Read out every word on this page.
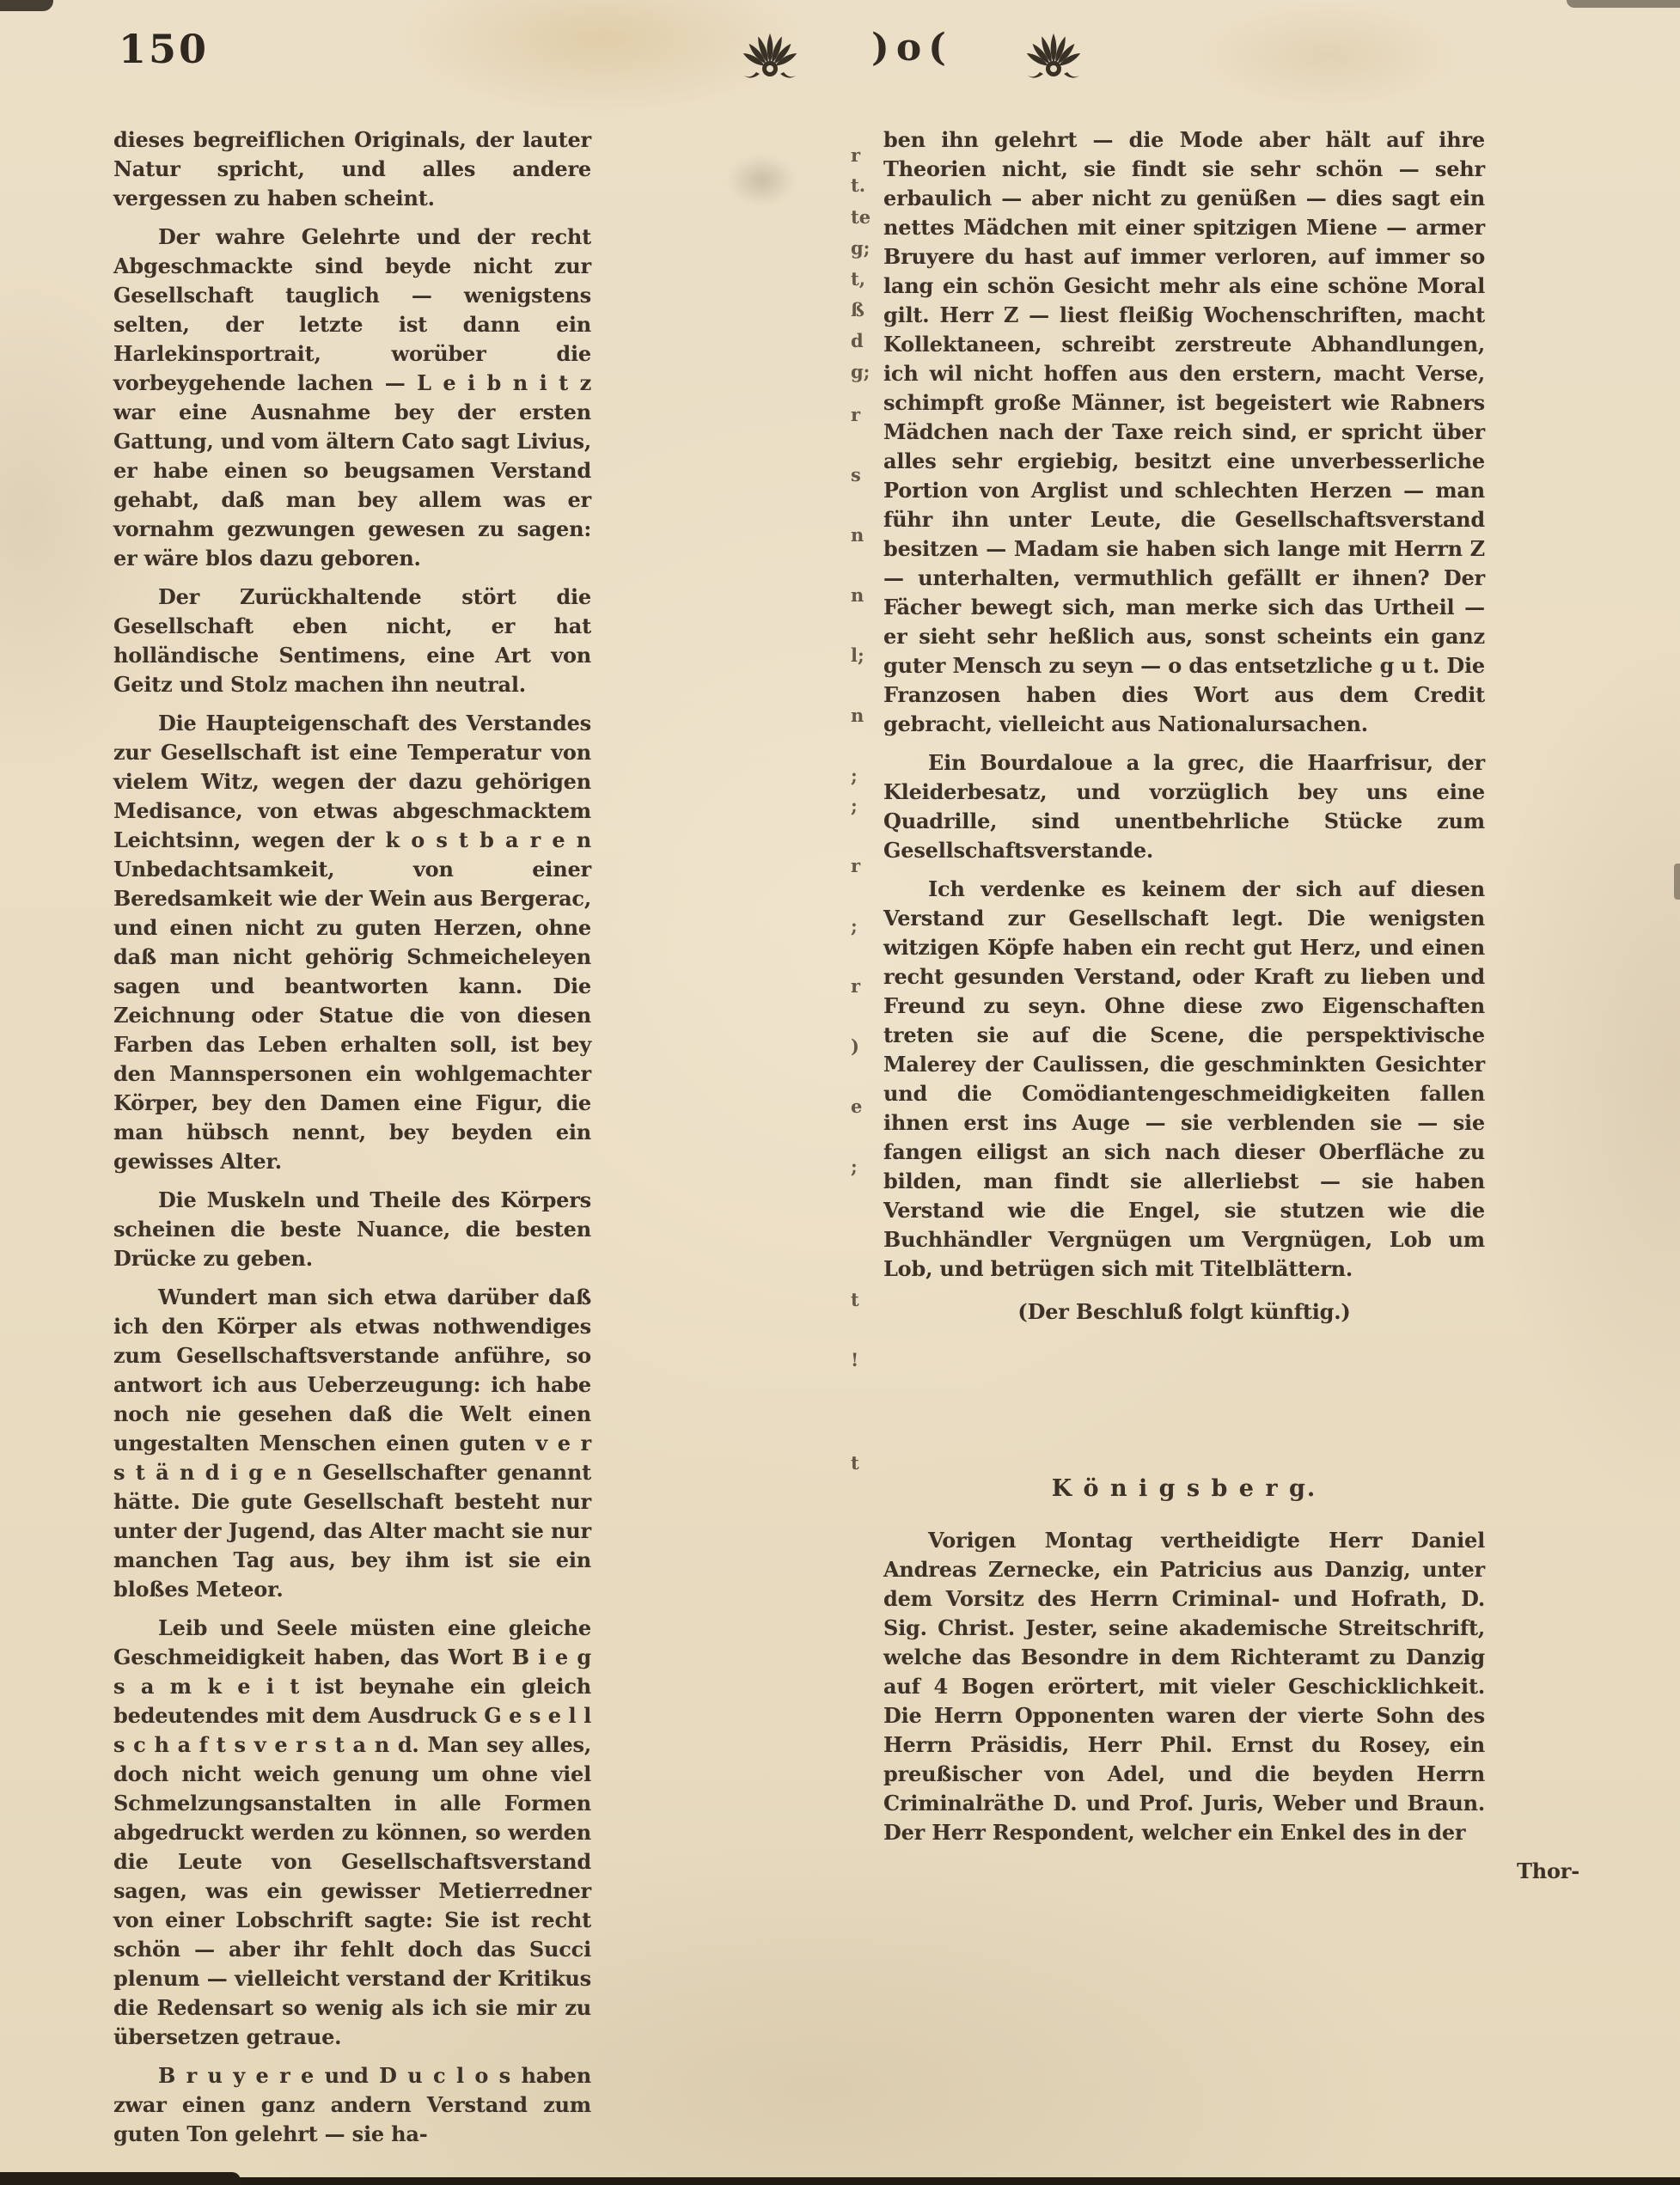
150	)o(

dieses begreiflichen Originals, der lauter Natur spricht, und alles andere vergessen zu haben scheint.

Der wahre Gelehrte und der recht Abgeschmackte sind beyde nicht zur Gesellschaft tauglich — wenigstens selten, der letzte ist dann ein Harlekinsportrait, worüber die vorbeygehende lachen — L e i b n i t z war eine Ausnahme bey der ersten Gattung, und vom ältern Cato sagt Livius, er habe einen so beugsamen Verstand gehabt, daß man bey allem was er vornahm gezwungen gewesen zu sagen: er wäre blos dazu geboren.

Der Zurückhaltende stört die Gesellschaft eben nicht, er hat holländische Sentimens, eine Art von Geitz und Stolz machen ihn neutral.

Die Haupteigenschaft des Verstandes zur Gesellschaft ist eine Temperatur von vielem Witz, wegen der dazu gehörigen Medisance, von etwas abgeschmacktem Leichtsinn, wegen der k o s t b a r e n Unbedachtsamkeit, von einer Beredsamkeit wie der Wein aus Bergerac, und einen nicht zu guten Herzen, ohne daß man nicht gehörig Schmeicheleyen sagen und beantworten kann. Die Zeichnung oder Statue die von diesen Farben das Leben erhalten soll, ist bey den Mannspersonen ein wohlgemachter Körper, bey den Damen eine Figur, die man hübsch nennt, bey beyden ein gewisses Alter.

Die Muskeln und Theile des Körpers scheinen die beste Nuance, die besten Drücke zu geben.

Wundert man sich etwa darüber daß ich den Körper als etwas nothwendiges zum Gesellschaftsverstande anführe, so antwort ich aus Ueberzeugung: ich habe noch nie gesehen daß die Welt einen ungestalten Menschen einen guten v e r s t ä n d i g e n Gesellschafter genannt hätte. Die gute Gesellschaft besteht nur unter der Jugend, das Alter macht sie nur manchen Tag aus, bey ihm ist sie ein bloßes Meteor.

Leib und Seele müsten eine gleiche Geschmeidigkeit haben, das Wort B i e g s a m k e i t ist beynahe ein gleich bedeutendes mit dem Ausdruck G e s e l l s c h a f t s v e r s t a n d. Man sey alles, doch nicht weich genung um ohne viel Schmelzungsanstalten in alle Formen abgedruckt werden zu können, so werden die Leute von Gesellschaftsverstand sagen, was ein gewisser Metierredner von einer Lobschrift sagte: Sie ist recht schön — aber ihr fehlt doch das Succi plenum — vielleicht verstand der Kritikus die Redensart so wenig als ich sie mir zu übersetzen getraue.

B r u y e r e und D u c l o s haben zwar einen ganz andern Verstand zum guten Ton gelehrt — sie ha-

ben ihn gelehrt — die Mode aber hält auf ihre Theorien nicht, sie findt sie sehr schön — sehr erbaulich — aber nicht zu genüßen — dies sagt ein nettes Mädchen mit einer spitzigen Miene — armer Bruyere du hast auf immer verloren, auf immer so lang ein schön Gesicht mehr als eine schöne Moral gilt. Herr Z — liest fleißig Wochenschriften, macht Kollektaneen, schreibt zerstreute Abhandlungen, ich wil nicht hoffen aus den erstern, macht Verse, schimpft große Männer, ist begeistert wie Rabners Mädchen nach der Taxe reich sind, er spricht über alles sehr ergiebig, besitzt eine unverbesserliche Portion von Arglist und schlechten Herzen — man führ ihn unter Leute, die Gesellschaftsverstand besitzen — Madam sie haben sich lange mit Herrn Z — unterhalten, vermuthlich gefällt er ihnen? Der Fächer bewegt sich, man merke sich das Urtheil — er sieht sehr heßlich aus, sonst scheints ein ganz guter Mensch zu seyn — o das entsetzliche g u t. Die Franzosen haben dies Wort aus dem Credit gebracht, vielleicht aus Nationalursachen.

Ein Bourdaloue a la grec, die Haarfrisur, der Kleiderbesatz, und vorzüglich bey uns eine Quadrille, sind unentbehrliche Stücke zum Gesellschaftsverstande.

Ich verdenke es keinem der sich auf diesen Verstand zur Gesellschaft legt. Die wenigsten witzigen Köpfe haben ein recht gut Herz, und einen recht gesunden Verstand, oder Kraft zu lieben und Freund zu seyn. Ohne diese zwo Eigenschaften treten sie auf die Scene, die perspektivische Malerey der Caulissen, die geschminkten Gesichter und die Comödiantengeschmeidigkeiten fallen ihnen erst ins Auge — sie verblenden sie — sie fangen eiligst an sich nach dieser Oberfläche zu bilden, man findt sie allerliebst — sie haben Verstand wie die Engel, sie stutzen wie die Buchhändler Vergnügen um Vergnügen, Lob um Lob, und betrügen sich mit Titelblättern.

(Der Beschluß folgt künftig.)

K ö n i g s b e r g.

Vorigen Montag vertheidigte Herr Daniel Andreas Zernecke, ein Patricius aus Danzig, unter dem Vorsitz des Herrn Criminal- und Hofrath, D. Sig. Christ. Jester, seine akademische Streitschrift, welche das Besondre in dem Richteramt zu Danzig auf 4 Bogen erörtert, mit vieler Geschicklichkeit. Die Herrn Opponenten waren der vierte Sohn des Herrn Präsidis, Herr Phil. Ernst du Rosey, ein preußischer von Adel, und die beyden Herrn Criminalräthe D. und Prof. Juris, Weber und Braun. Der Herr Respondent, welcher ein Enkel des in der

Thor-

r
t.
te
g;
t,
ß
d
g;
r
s
n
n
l;
n
;
;
r
;
r
)
e
;
t
!
t
